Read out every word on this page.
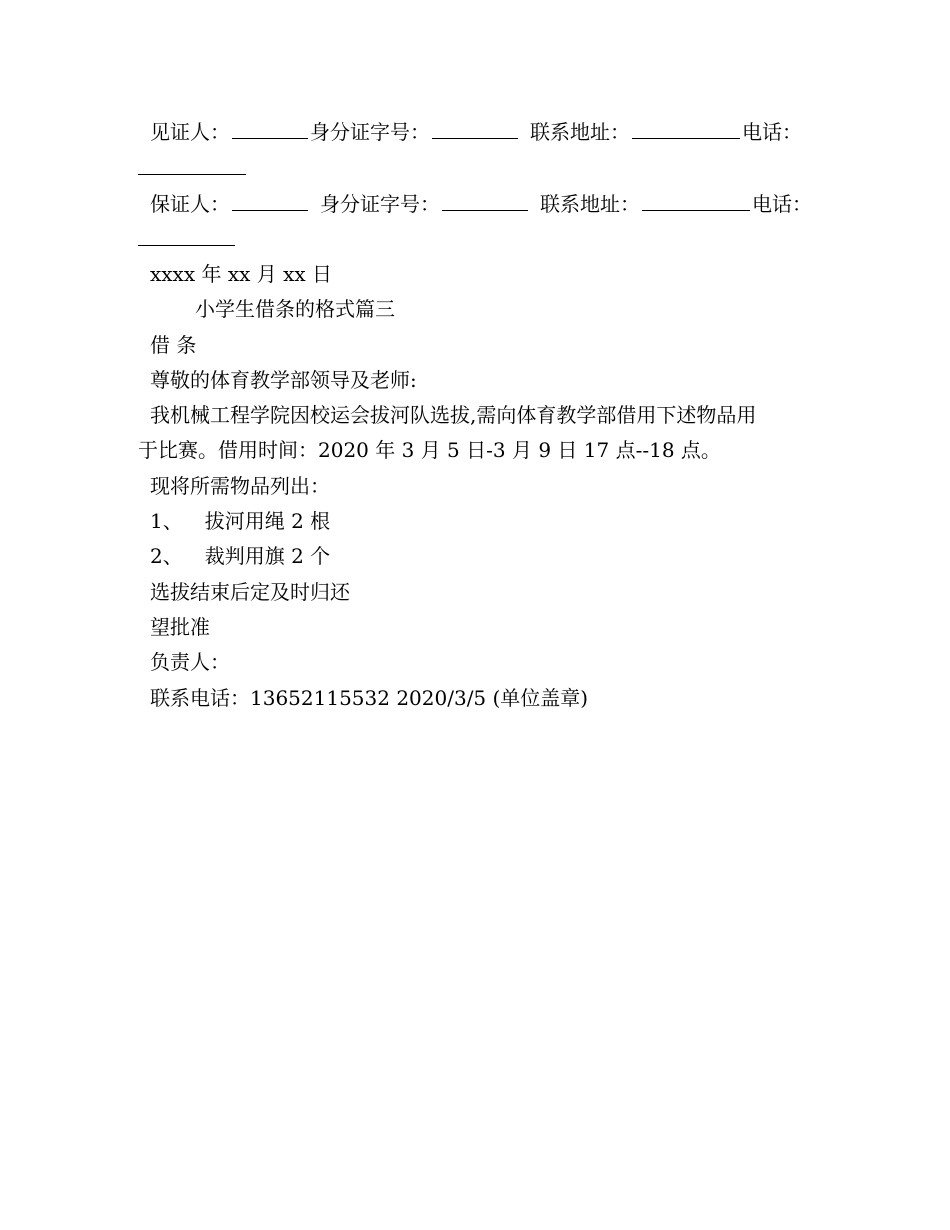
见证人：	身分证字号：	联系地址：	电话：
保证人：	身分证字号：	联系地址：	电话：
xxxx 年 xx 月 xx 日
小学生借条的格式篇三
借 条
尊敬的体育教学部领导及老师:
我机械工程学院因校运会拔河队选拔,需向体育教学部借用下述物品用
于比赛。借用时间：2020 年 3 月 5 日-3 月 9 日 17 点--18 点。
现将所需物品列出：
1、 拔河用绳 2 根
2、 裁判用旗 2 个
选拔结束后定及时归还
望批准
负责人：
联系电话：13652115532 2020/3/5 (单位盖章)
